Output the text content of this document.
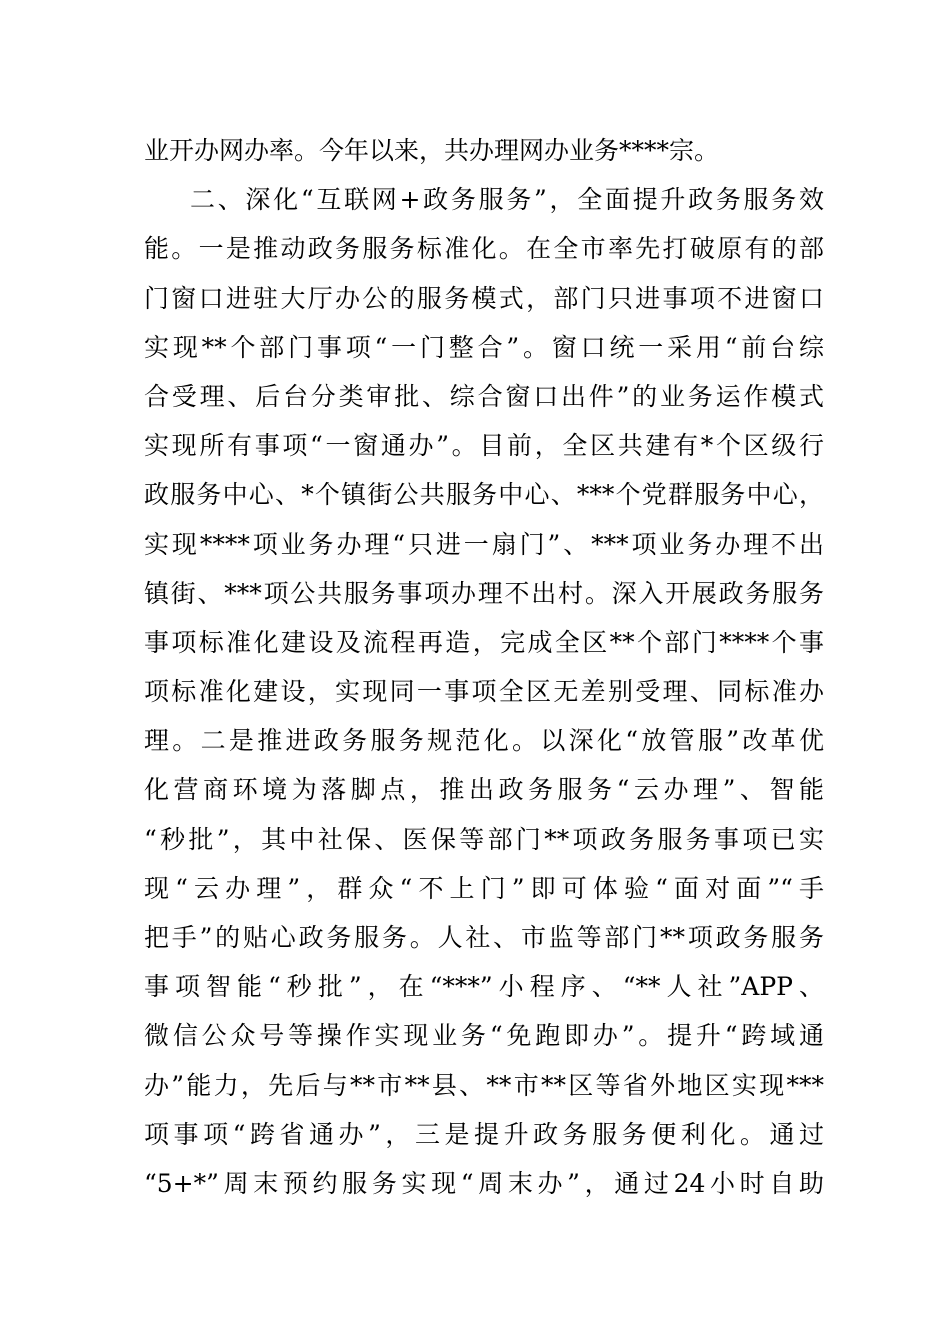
业开办网办率。今年以来，共办理网办业务****宗。
二、深化“互联网+政务服务”，全面提升政务服务效
能。一是推动政务服务标准化。在全市率先打破原有的部
门窗口进驻大厅办公的服务模式，部门只进事项不进窗口
实现**个部门事项“一门整合”。窗口统一采用“前台综
合受理、后台分类审批、综合窗口出件”的业务运作模式
实现所有事项“一窗通办”。目前，全区共建有*个区级行
政服务中心、*个镇街公共服务中心、***个党群服务中心，
实现****项业务办理“只进一扇门”、***项业务办理不出
镇街、***项公共服务事项办理不出村。深入开展政务服务
事项标准化建设及流程再造，完成全区**个部门****个事
项标准化建设，实现同一事项全区无差别受理、同标准办
理。二是推进政务服务规范化。以深化“放管服”改革优
化营商环境为落脚点，推出政务服务“云办理”、智能
“秒批”，其中社保、医保等部门**项政务服务事项已实
现“云办理”，群众“不上门”即可体验“面对面”“手
把手”的贴心政务服务。人社、市监等部门**项政务服务
事项智能“秒批”，在“***”小程序、“**人社”APP、
微信公众号等操作实现业务“免跑即办”。提升“跨域通
办”能力，先后与**市**县、**市**区等省外地区实现***
项事项“跨省通办”，三是提升政务服务便利化。通过
“5+*”周末预约服务实现“周末办”，通过24小时自助
